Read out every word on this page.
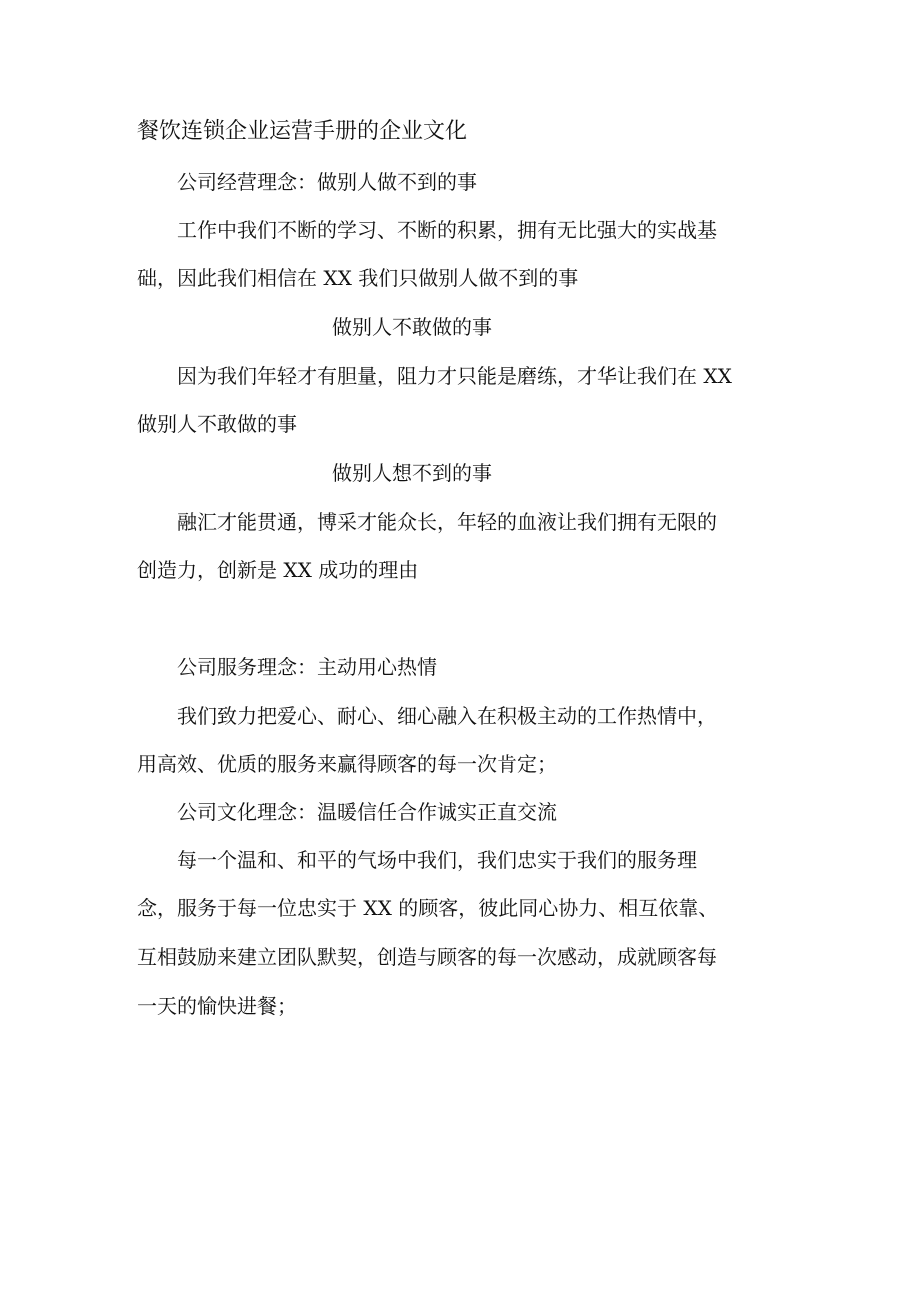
餐饮连锁企业运营手册的企业文化
公司经营理念：做别人做不到的事
工作中我们不断的学习、不断的积累，拥有无比强大的实战基
础，因此我们相信在 XX 我们只做别人做不到的事
做别人不敢做的事
因为我们年轻才有胆量，阻力才只能是磨练，才华让我们在 XX
做别人不敢做的事
做别人想不到的事
融汇才能贯通，博采才能众长，年轻的血液让我们拥有无限的
创造力，创新是 XX 成功的理由
公司服务理念：主动用心热情
我们致力把爱心、耐心、细心融入在积极主动的工作热情中，
用高效、优质的服务来赢得顾客的每一次肯定；
公司文化理念：温暖信任合作诚实正直交流
每一个温和、和平的气场中我们，我们忠实于我们的服务理
念，服务于每一位忠实于 XX 的顾客，彼此同心协力、相互依靠、
互相鼓励来建立团队默契，创造与顾客的每一次感动，成就顾客每
一天的愉快进餐；
